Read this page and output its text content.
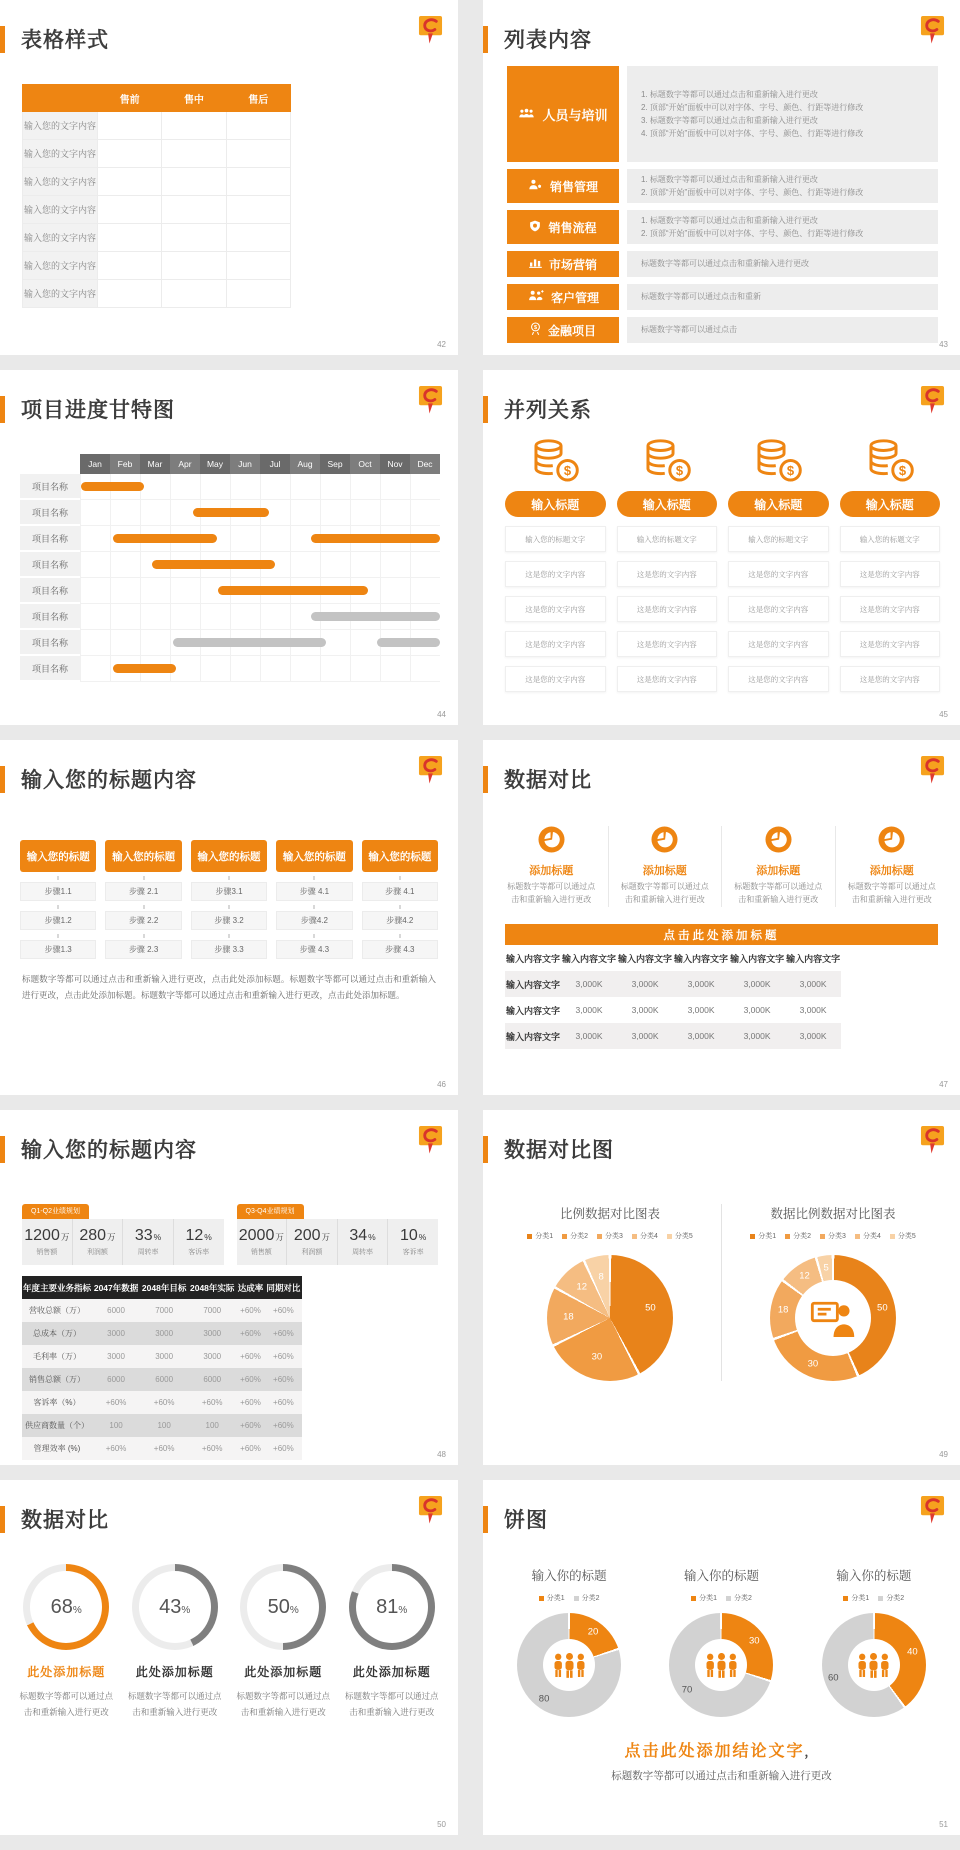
表格样式
	售前	售中	售后
输入您的文字内容			
输入您的文字内容			
输入您的文字内容			
输入您的文字内容			
输入您的文字内容			
输入您的文字内容			
输入您的文字内容			
42
列表内容
人员与培训
1. 标题数字等都可以通过点击和重新输入进行更改
2. 顶部“开始”面板中可以对字体、字号、颜色、行距等进行修改
3. 标题数字等都可以通过点击和重新输入进行更改
4. 顶部“开始”面板中可以对字体、字号、颜色、行距等进行修改
销售管理
1. 标题数字等都可以通过点击和重新输入进行更改
2. 顶部“开始”面板中可以对字体、字号、颜色、行距等进行修改
销售流程
1. 标题数字等都可以通过点击和重新输入进行更改
2. 顶部“开始”面板中可以对字体、字号、颜色、行距等进行修改
市场营销	标题数字等都可以通过点击和重新输入进行更改
客户管理	标题数字等都可以通过点击和重新
$ 金融项目	标题数字等都可以通过点击
43
项目进度甘特图
Jan	Feb	Mar	Apr	May	Jun	Jul	Aug	Sep	Oct	Nov	Dec
项目名称
项目名称
项目名称
项目名称
项目名称
项目名称
项目名称
项目名称
44
并列关系
$
输入标题
输入您的标题文字
这是您的文字内容
这是您的文字内容
这是您的文字内容
这是您的文字内容
$
输入标题
输入您的标题文字
这是您的文字内容
这是您的文字内容
这是您的文字内容
这是您的文字内容
$
输入标题
输入您的标题文字
这是您的文字内容
这是您的文字内容
这是您的文字内容
这是您的文字内容
$
输入标题
输入您的标题文字
这是您的文字内容
这是您的文字内容
这是您的文字内容
这是您的文字内容
45
输入您的标题内容
输入您的标题
步骤1.1
步骤1.2
步骤1.3
输入您的标题
步骤 2.1
步骤 2.2
步骤 2.3
输入您的标题
步骤3.1
步骤 3.2
步骤 3.3
输入您的标题
步骤 4.1
步骤4.2
步骤 4.3
输入您的标题
步骤 4.1
步骤4.2
步骤 4.3

标题数字等都可以通过点击和重新输入进行更改，点击此处添加标题。标题数字等都可以通过点击和重新输入进行更改，点击此处添加标题。标题数字等都可以通过点击和重新输入进行更改，点击此处添加标题。

46
数据对比
添加标题
标题数字等都可以通过点击和重新输入进行更改
添加标题
标题数字等都可以通过点击和重新输入进行更改
添加标题
标题数字等都可以通过点击和重新输入进行更改
添加标题
标题数字等都可以通过点击和重新输入进行更改
点击此处添加标题
输入内容文字	输入内容文字	输入内容文字	输入内容文字	输入内容文字	输入内容文字
输入内容文字	3,000K	3,000K	3,000K	3,000K	3,000K
输入内容文字	3,000K	3,000K	3,000K	3,000K	3,000K
输入内容文字	3,000K	3,000K	3,000K	3,000K	3,000K
47
输入您的标题内容
Q1-Q2业绩规划
1200万
销售额
280万
利润额
33%
周转率
12%
客诉率
Q3-Q4业绩规划
2000万
销售额
200万
利润额
34%
周转率
10%
客诉率
年度主要业务指标	2047年数据	2048年目标	2048年实际	达成率	同期对比
营收总额（万）	6000	7000	7000	+60%	+60%
总成本（万）	3000	3000	3000	+60%	+60%
毛利率（万）	3000	3000	3000	+60%	+60%
销售总额（万）	6000	6000	6000	+60%	+60%
客诉率（%）	+60%	+60%	+60%	+60%	+60%
供应商数量（个）	100	100	100	+60%	+60%
管理效率 (%)	+60%	+60%	+60%	+60%	+60%
48
数据对比图
比例数据对比图表
分类1 分类2 分类3 分类4 分类5
50
30
18
12
8
数据比例数据对比图表
分类1 分类2 分类3 分类4 分类5
50
30
18
12
5
49
数据对比
68 %
此处添加标题
标题数字等都可以通过点击和重新输入进行更改
43 %
此处添加标题
标题数字等都可以通过点击和重新输入进行更改
50 %
此处添加标题
标题数字等都可以通过点击和重新输入进行更改
81 %
此处添加标题
标题数字等都可以通过点击和重新输入进行更改
50
饼图
输入你的标题
分类1 分类2
20
80
输入你的标题
分类1 分类2
30
70
输入你的标题
分类1 分类2
40
60
点击此处添加结论文字，
标题数字等都可以通过点击和重新输入进行更改
51
